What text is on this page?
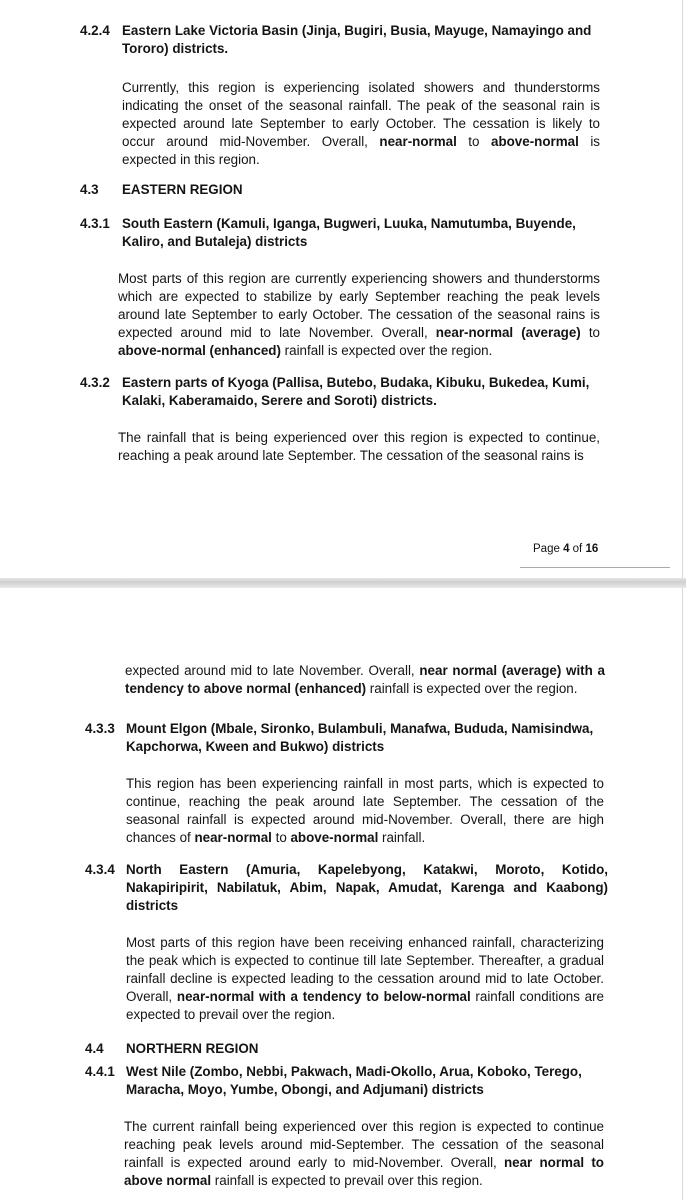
4.2.4 Eastern Lake Victoria Basin (Jinja, Bugiri, Busia, Mayuge, Namayingo and Tororo) districts.
Currently, this region is experiencing isolated showers and thunderstorms indicating the onset of the seasonal rainfall. The peak of the seasonal rain is expected around late September to early October. The cessation is likely to occur around mid-November. Overall, near-normal to above-normal is expected in this region.
4.3 EASTERN REGION
4.3.1 South Eastern (Kamuli, Iganga, Bugweri, Luuka, Namutumba, Buyende, Kaliro, and Butaleja) districts
Most parts of this region are currently experiencing showers and thunderstorms which are expected to stabilize by early September reaching the peak levels around late September to early October. The cessation of the seasonal rains is expected around mid to late November. Overall, near-normal (average) to above-normal (enhanced) rainfall is expected over the region.
4.3.2 Eastern parts of Kyoga (Pallisa, Butebo, Budaka, Kibuku, Bukedea, Kumi, Kalaki, Kaberamaido, Serere and Soroti) districts.
The rainfall that is being experienced over this region is expected to continue, reaching a peak around late September. The cessation of the seasonal rains is
Page 4 of 16
expected around mid to late November. Overall, near normal (average) with a tendency to above normal (enhanced) rainfall is expected over the region.
4.3.3 Mount Elgon (Mbale, Sironko, Bulambuli, Manafwa, Bududa, Namisindwa, Kapchorwa, Kween and Bukwo) districts
This region has been experiencing rainfall in most parts, which is expected to continue, reaching the peak around late September. The cessation of the seasonal rainfall is expected around mid-November. Overall, there are high chances of near-normal to above-normal rainfall.
4.3.4 North Eastern (Amuria, Kapelebyong, Katakwi, Moroto, Kotido, Nakapiripirit, Nabilatuk, Abim, Napak, Amudat, Karenga and Kaabong) districts
Most parts of this region have been receiving enhanced rainfall, characterizing the peak which is expected to continue till late September. Thereafter, a gradual rainfall decline is expected leading to the cessation around mid to late October. Overall, near-normal with a tendency to below-normal rainfall conditions are expected to prevail over the region.
4.4 NORTHERN REGION
4.4.1 West Nile (Zombo, Nebbi, Pakwach, Madi-Okollo, Arua, Koboko, Terego, Maracha, Moyo, Yumbe, Obongi, and Adjumani) districts
The current rainfall being experienced over this region is expected to continue reaching peak levels around mid-September. The cessation of the seasonal rainfall is expected around early to mid-November. Overall, near normal to above normal rainfall is expected to prevail over this region.
